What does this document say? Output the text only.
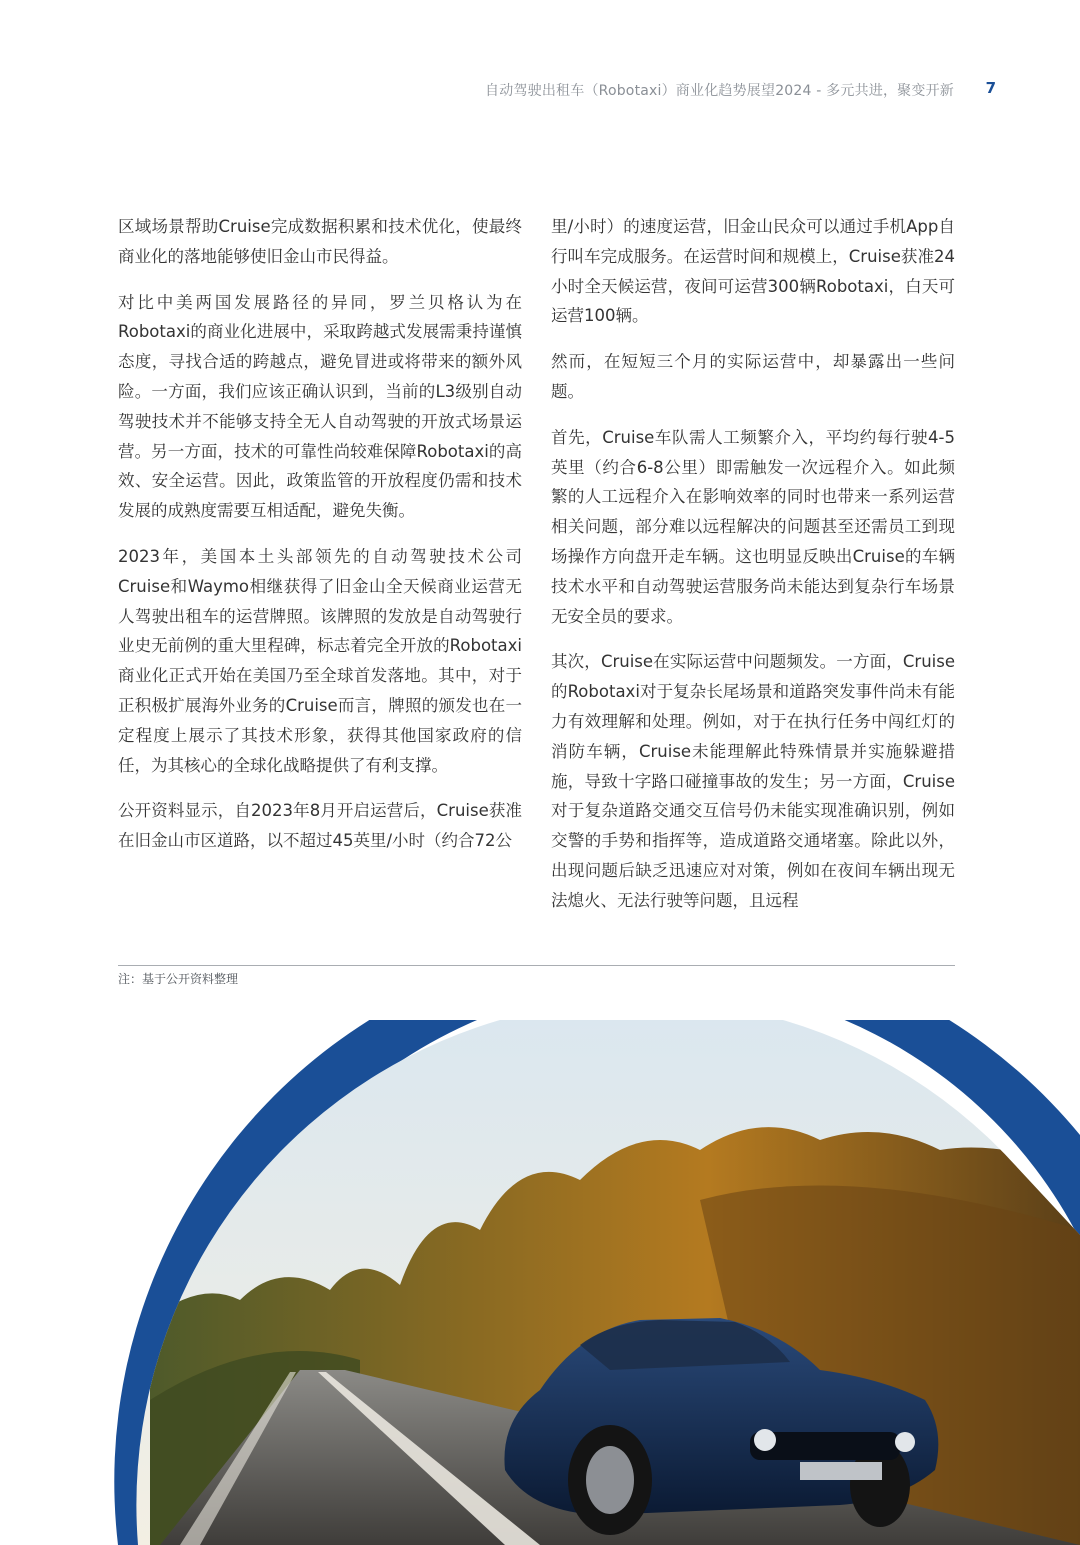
自动驾驶出租车（Robotaxi）商业化趋势展望2024 - 多元共进，聚变开新 7

区域场景帮助Cruise完成数据积累和技术优化，使最终商业化的落地能够使旧金山市民得益。

对比中美两国发展路径的异同，罗兰贝格认为在Robotaxi的商业化进展中，采取跨越式发展需秉持谨慎态度，寻找合适的跨越点，避免冒进或将带来的额外风险。一方面，我们应该正确认识到，当前的L3级别自动驾驶技术并不能够支持全无人自动驾驶的开放式场景运营。另一方面，技术的可靠性尚较难保障Robotaxi的高效、安全运营。因此，政策监管的开放程度仍需和技术发展的成熟度需要互相适配，避免失衡。

2023年，美国本土头部领先的自动驾驶技术公司Cruise和Waymo相继获得了旧金山全天候商业运营无人驾驶出租车的运营牌照。该牌照的发放是自动驾驶行业史无前例的重大里程碑，标志着完全开放的Robotaxi商业化正式开始在美国乃至全球首发落地。其中，对于正积极扩展海外业务的Cruise而言，牌照的颁发也在一定程度上展示了其技术形象，获得其他国家政府的信任，为其核心的全球化战略提供了有利支撑。

公开资料显示，自2023年8月开启运营后，Cruise获准在旧金山市区道路，以不超过45英里/小时（约合72公

里/小时）的速度运营，旧金山民众可以通过手机App自行叫车完成服务。在运营时间和规模上，Cruise获准24小时全天候运营，夜间可运营300辆Robotaxi，白天可运营100辆。

然而，在短短三个月的实际运营中，却暴露出一些问题。

首先，Cruise车队需人工频繁介入，平均约每行驶4-5英里（约合6-8公里）即需触发一次远程介入。如此频繁的人工远程介入在影响效率的同时也带来一系列运营相关问题，部分难以远程解决的问题甚至还需员工到现场操作方向盘开走车辆。这也明显反映出Cruise的车辆技术水平和自动驾驶运营服务尚未能达到复杂行车场景无安全员的要求。

其次，Cruise在实际运营中问题频发。一方面，Cruise的Robotaxi对于复杂长尾场景和道路突发事件尚未有能力有效理解和处理。例如，对于在执行任务中闯红灯的消防车辆，Cruise未能理解此特殊情景并实施躲避措施，导致十字路口碰撞事故的发生；另一方面，Cruise对于复杂道路交通交互信号仍未能实现准确识别，例如交警的手势和指挥等，造成道路交通堵塞。除此以外，出现问题后缺乏迅速应对对策，例如在夜间车辆出现无法熄火、无法行驶等问题，且远程

注：基于公开资料整理
